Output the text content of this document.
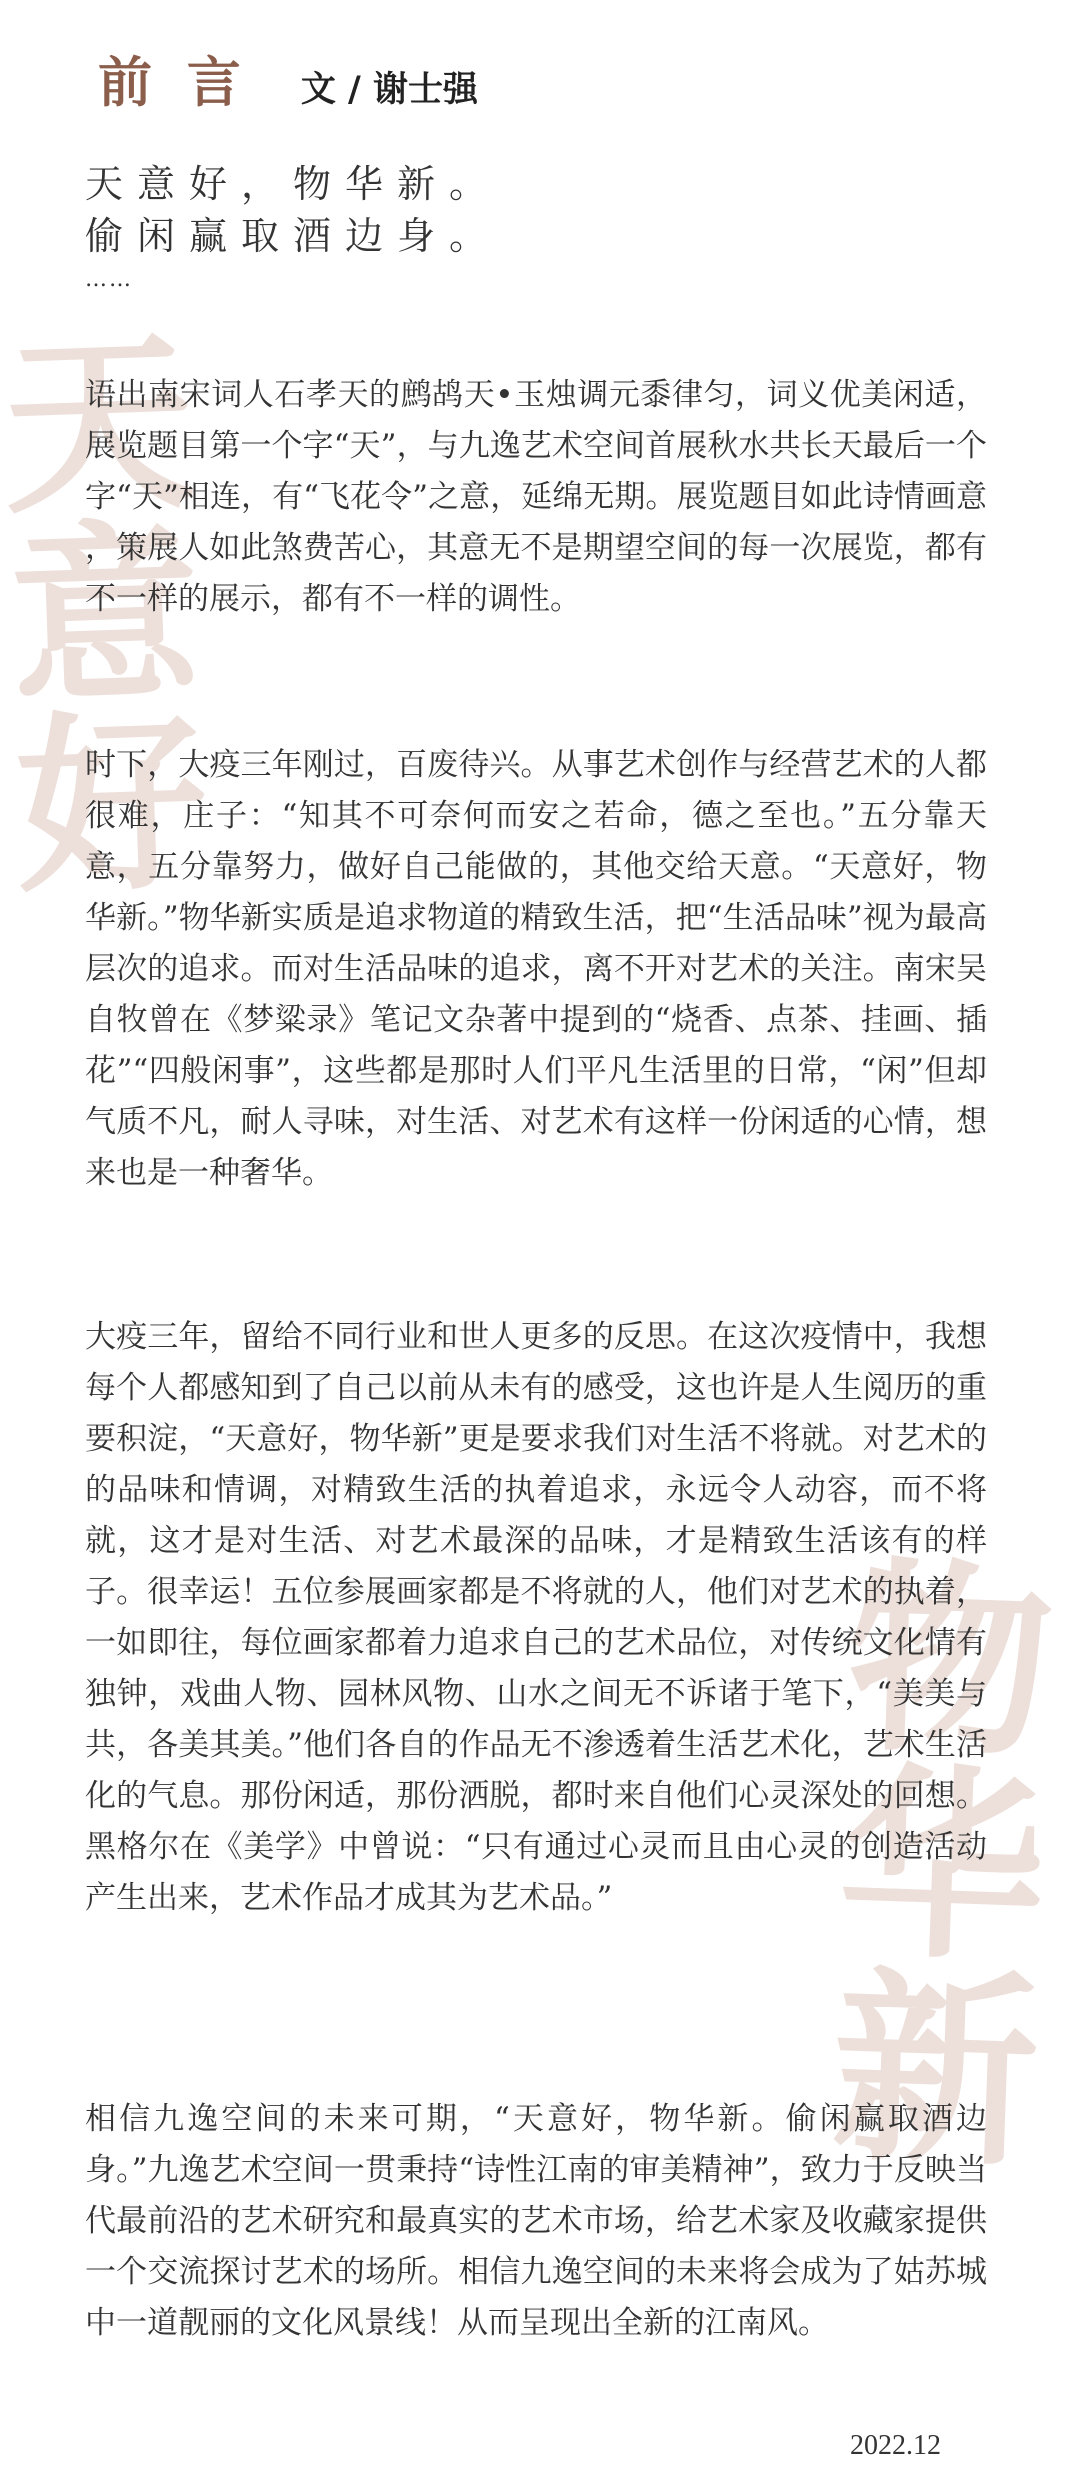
天
意
好
物
华
新
前 言 文 / 谢士强
天意好，物华新。
偷闲赢取酒边身。
……

语出南宋词人石孝天的鹧鸪天•玉烛调元黍律匀，词义优美闲适，展览题目第一个字“天”，与九逸艺术空间首展秋水共长天最后一个字“天”相连，有“飞花令”之意，延绵无期。展览题目如此诗情画意 ，策展人如此煞费苦心，其意无不是期望空间的每一次展览，都有不一样的展示，都有不一样的调性。

时下，大疫三年刚过，百废待兴。从事艺术创作与经营艺术的人都很难，庄子：“知其不可奈何而安之若命，德之至也。”五分靠天意，五分靠努力，做好自己能做的，其他交给天意。“天意好，物华新。”物华新实质是追求物道的精致生活，把“生活品味”视为最高层次的追求。而对生活品味的追求，离不开对艺术的关注。南宋吴自牧曾在《梦粱录》笔记文杂著中提到的“烧香、点茶、挂画、插花”“四般闲事”，这些都是那时人们平凡生活里的日常，“闲”但却气质不凡，耐人寻味，对生活、对艺术有这样一份闲适的心情，想来也是一种奢华。

大疫三年，留给不同行业和世人更多的反思。在这次疫情中，我想每个人都感知到了自己以前从未有的感受，这也许是人生阅历的重要积淀，“天意好，物华新”更是要求我们对生活不将就。对艺术的的品味和情调，对精致生活的执着追求，永远令人动容，而不将就，这才是对生活、对艺术最深的品味，才是精致生活该有的样子。很幸运！五位参展画家都是不将就的人，他们对艺术的执着，一如即往，每位画家都着力追求自己的艺术品位，对传统文化情有独钟，戏曲人物、园林风物、山水之间无不诉诸于笔下，“美美与共，各美其美。”他们各自的作品无不渗透着生活艺术化，艺术生活化的气息。那份闲适，那份洒脱，都时来自他们心灵深处的回想。黑格尔在《美学》中曾说：“只有通过心灵而且由心灵的创造活动产生出来，艺术作品才成其为艺术品。”

相信九逸空间的未来可期，“天意好，物华新。偷闲赢取酒边身。”九逸艺术空间一贯秉持“诗性江南的审美精神”，致力于反映当代最前沿的艺术研究和最真实的艺术市场，给艺术家及收藏家提供一个交流探讨艺术的场所。相信九逸空间的未来将会成为了姑苏城中一道靓丽的文化风景线！从而呈现出全新的江南风。

2022.12
